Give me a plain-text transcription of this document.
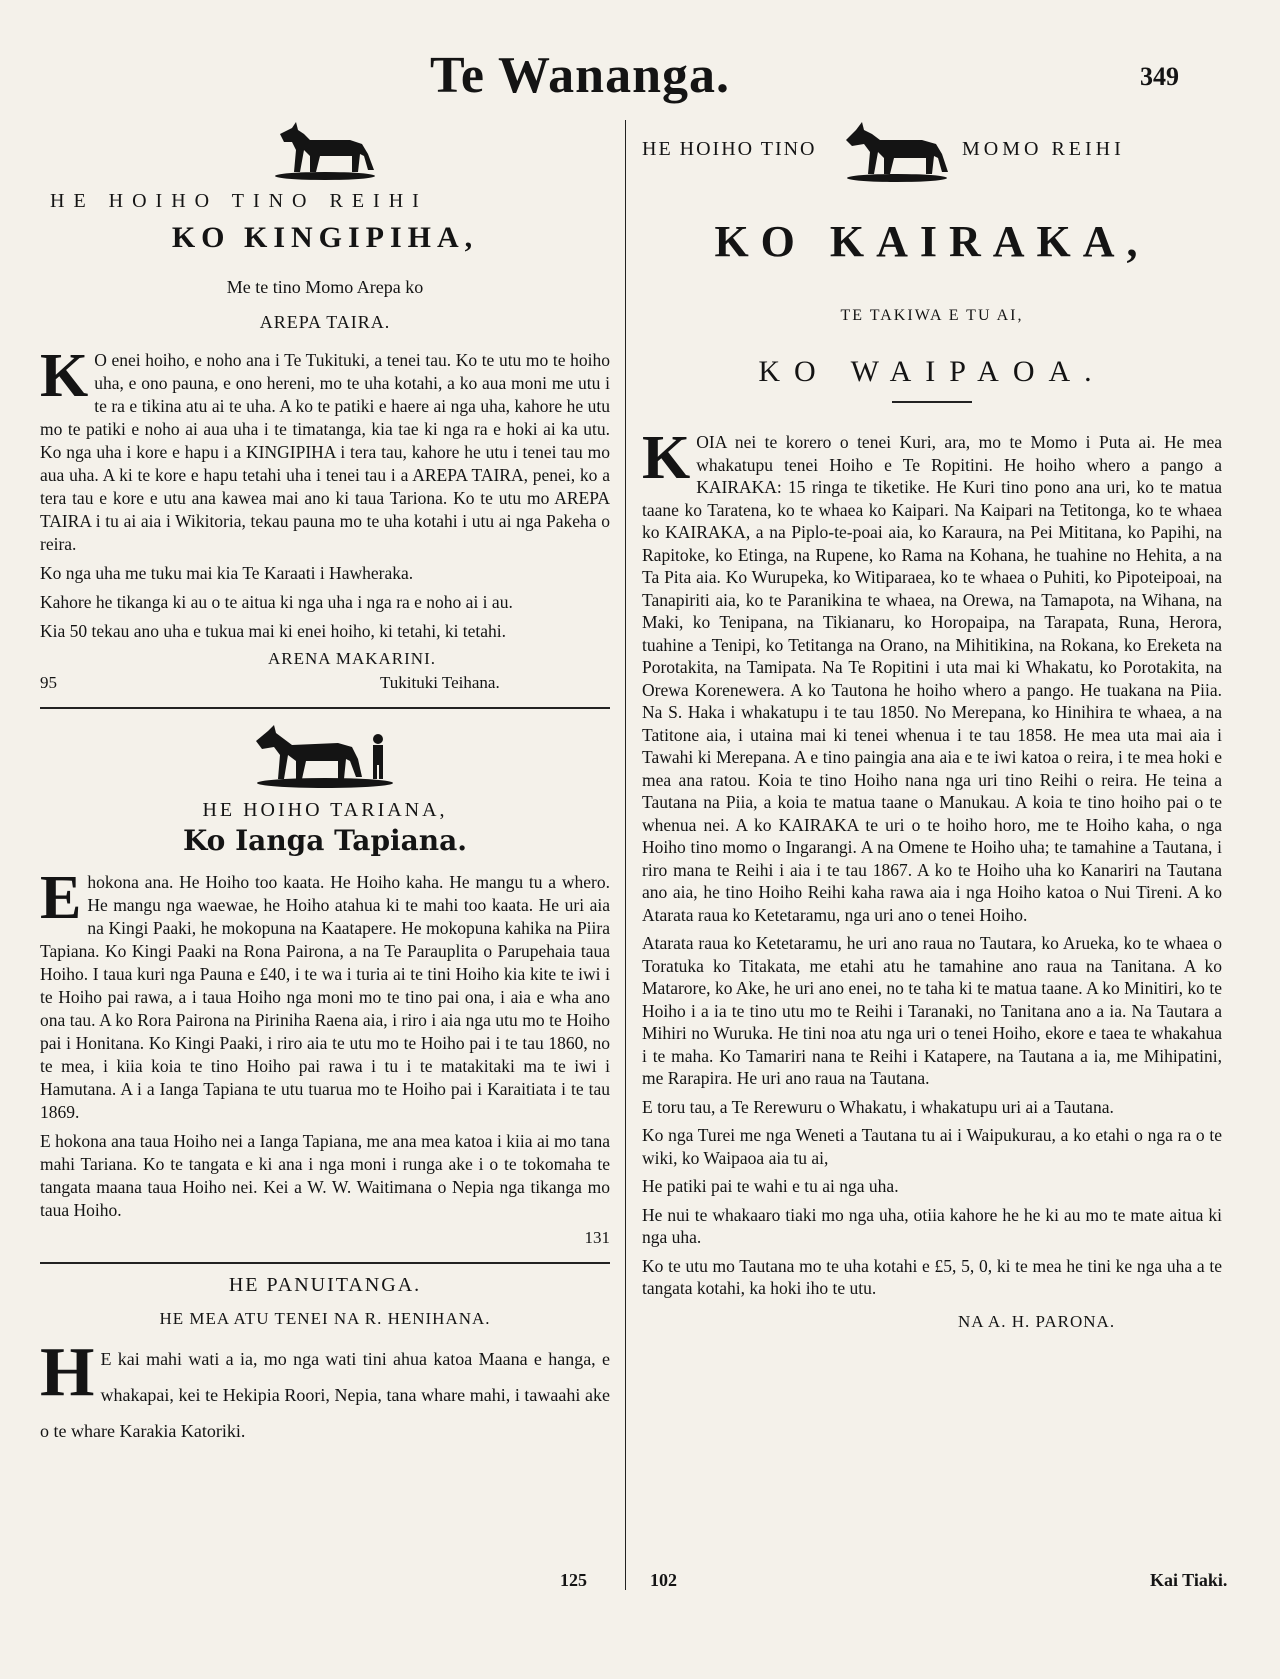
Te Wananga.	349
HE HOIHO TINO REIHI
KO KINGIPIHA,
Me te tino Momo Arepa ko
AREPA TAIRA.

K O enei hoiho, e noho ana i Te Tukituki, a tenei tau. Ko te utu mo te hoiho uha, e ono pauna, e ono hereni, mo te uha kotahi, a ko aua moni me utu i te ra e tikina atu ai te uha. A ko te patiki e haere ai nga uha, kahore he utu mo te patiki e noho ai aua uha i te timatanga, kia tae ki nga ra e hoki ai ka utu. Ko nga uha i kore e hapu i a KINGIPIHA i tera tau, kahore he utu i tenei tau mo aua uha. A ki te kore e hapu tetahi uha i tenei tau i a AREPA TAIRA, penei, ko a tera tau e kore e utu ana kawea mai ano ki taua Tariona. Ko te utu mo AREPA TAIRA i tu ai aia i Wikitoria, tekau pauna mo te uha kotahi i utu ai nga Pakeha o reira.

Ko nga uha me tuku mai kia Te Karaati i Hawheraka.

Kahore he tikanga ki au o te aitua ki nga uha i nga ra e noho ai i au.

Kia 50 tekau ano uha e tukua mai ki enei hoiho, ki tetahi, ki tetahi.

ARENA MAKARINI.
95	Tukituki Teihana.
HE HOIHO TARIANA,
Ko Ianga Tapiana.

Ehokona ana. He Hoiho too kaata. He Hoiho kaha. He mangu tu a whero. He mangu nga waewae, he Hoiho atahua ki te mahi too kaata. He uri aia na Kingi Paaki, he mokopuna na Kaatapere. He mokopuna kahika na Piira Tapiana. Ko Kingi Paaki na Rona Pairona, a na Te Parauplita o Parupehaia taua Hoiho. I taua kuri nga Pauna e £40, i te wa i turia ai te tini Hoiho kia kite te iwi i te Hoiho pai rawa, a i taua Hoiho nga moni mo te tino pai ona, i aia e wha ano ona tau. A ko Rora Pairona na Piriniha Raena aia, i riro i aia nga utu mo te Hoiho pai i Honitana. Ko Kingi Paaki, i riro aia te utu mo te Hoiho pai i te tau 1860, no te mea, i kiia koia te tino Hoiho pai rawa i tu i te matakitaki ma te iwi i Hamutana. A i a Ianga Tapiana te utu tuarua mo te Hoiho pai i Karaitiata i te tau 1869.

E hokona ana taua Hoiho nei a Ianga Tapiana, me ana mea katoa i kiia ai mo tana mahi Tariana. Ko te tangata e ki ana i nga moni i runga ake i o te tokomaha te tangata maana taua Hoiho nei. Kei a W. W. Waitimana o Nepia nga tikanga mo taua Hoiho.

131
HE PANUITANGA.
HE MEA ATU TENEI NA R. HENIHANA.

H E kai mahi wati a ia, mo nga wati tini ahua katoa Maana e hanga, e whakapai, kei te Hekipia Roori, Nepia, tana whare mahi, i tawaahi ake o te whare Karakia Katoriki.

125
HE HOIHO TINO	MOMO REIHI
KO KAIRAKA,
TE TAKIWA E TU AI,
KO WAIPAOA.

KOIA nei te korero o tenei Kuri, ara, mo te Momo i Puta ai. He mea whakatupu tenei Hoiho e Te Ropitini. He hoiho whero a pango a KAIRAKA: 15 ringa te tiketike. He Kuri tino pono ana uri, ko te matua taane ko Taratena, ko te whaea ko Kaipari. Na Kaipari na Tetitonga, ko te whaea ko KAIRAKA, a na Piplo-te-poai aia, ko Karaura, na Pei Mititana, ko Papihi, na Rapitoke, ko Etinga, na Rupene, ko Rama na Kohana, he tuahine no Hehita, a na Ta Pita aia. Ko Wurupeka, ko Witiparaea, ko te whaea o Puhiti, ko Pipoteipoai, na Tanapiriti aia, ko te Paranikina te whaea, na Orewa, na Tamapota, na Wihana, na Maki, ko Tenipana, na Tikianaru, ko Horopaipa, na Tarapata, Runa, Herora, tuahine a Tenipi, ko Tetitanga na Orano, na Mihitikina, na Rokana, ko Ereketa na Porotakita, na Tamipata. Na Te Ropitini i uta mai ki Whakatu, ko Porotakita, na Orewa Korenewera. A ko Tautona he hoiho whero a pango. He tuakana na Piia. Na S. Haka i whakatupu i te tau 1850. No Merepana, ko Hinihira te whaea, a na Tatitone aia, i utaina mai ki tenei whenua i te tau 1858. He mea uta mai aia i Tawahi ki Merepana. A e tino paingia ana aia e te iwi katoa o reira, i te mea hoki e mea ana ratou. Koia te tino Hoiho nana nga uri tino Reihi o reira. He teina a Tautana na Piia, a koia te matua taane o Manukau. A koia te tino hoiho pai o te whenua nei. A ko KAIRAKA te uri o te hoiho horo, me te Hoiho kaha, o nga Hoiho tino momo o Ingarangi. A na Omene te Hoiho uha; te tamahine a Tautana, i riro mana te Reihi i aia i te tau 1867. A ko te Hoiho uha ko Kanariri na Tautana ano aia, he tino Hoiho Reihi kaha rawa aia i nga Hoiho katoa o Nui Tireni. A ko Atarata raua ko Ketetaramu, nga uri ano o tenei Hoiho.

Atarata raua ko Ketetaramu, he uri ano raua no Tautara, ko Arueka, ko te whaea o Toratuka ko Titakata, me etahi atu he tamahine ano raua na Tanitana. A ko Matarore, ko Ake, he uri ano enei, no te taha ki te matua taane. A ko Minitiri, ko te Hoiho i a ia te tino utu mo te Reihi i Taranaki, no Tanitana ano a ia. Na Tautara a Mihiri no Wuruka. He tini noa atu nga uri o tenei Hoiho, ekore e taea te whakahua i te maha. Ko Tamariri nana te Reihi i Katapere, na Tautana a ia, me Mihipatini, me Rarapira. He uri ano raua na Tautana.

E toru tau, a Te Rerewuru o Whakatu, i whakatupu uri ai a Tautana.

Ko nga Turei me nga Weneti a Tautana tu ai i Waipukurau, a ko etahi o nga ra o te wiki, ko Waipaoa aia tu ai,

He patiki pai te wahi e tu ai nga uha.

He nui te whakaaro tiaki mo nga uha, otiia kahore he he ki au mo te mate aitua ki nga uha.

Ko te utu mo Tautana mo te uha kotahi e £5, 5, 0, ki te mea he tini ke nga uha a te tangata kotahi, ka hoki iho te utu.

NA A. H. PARONA.
102	Kai Tiaki.
